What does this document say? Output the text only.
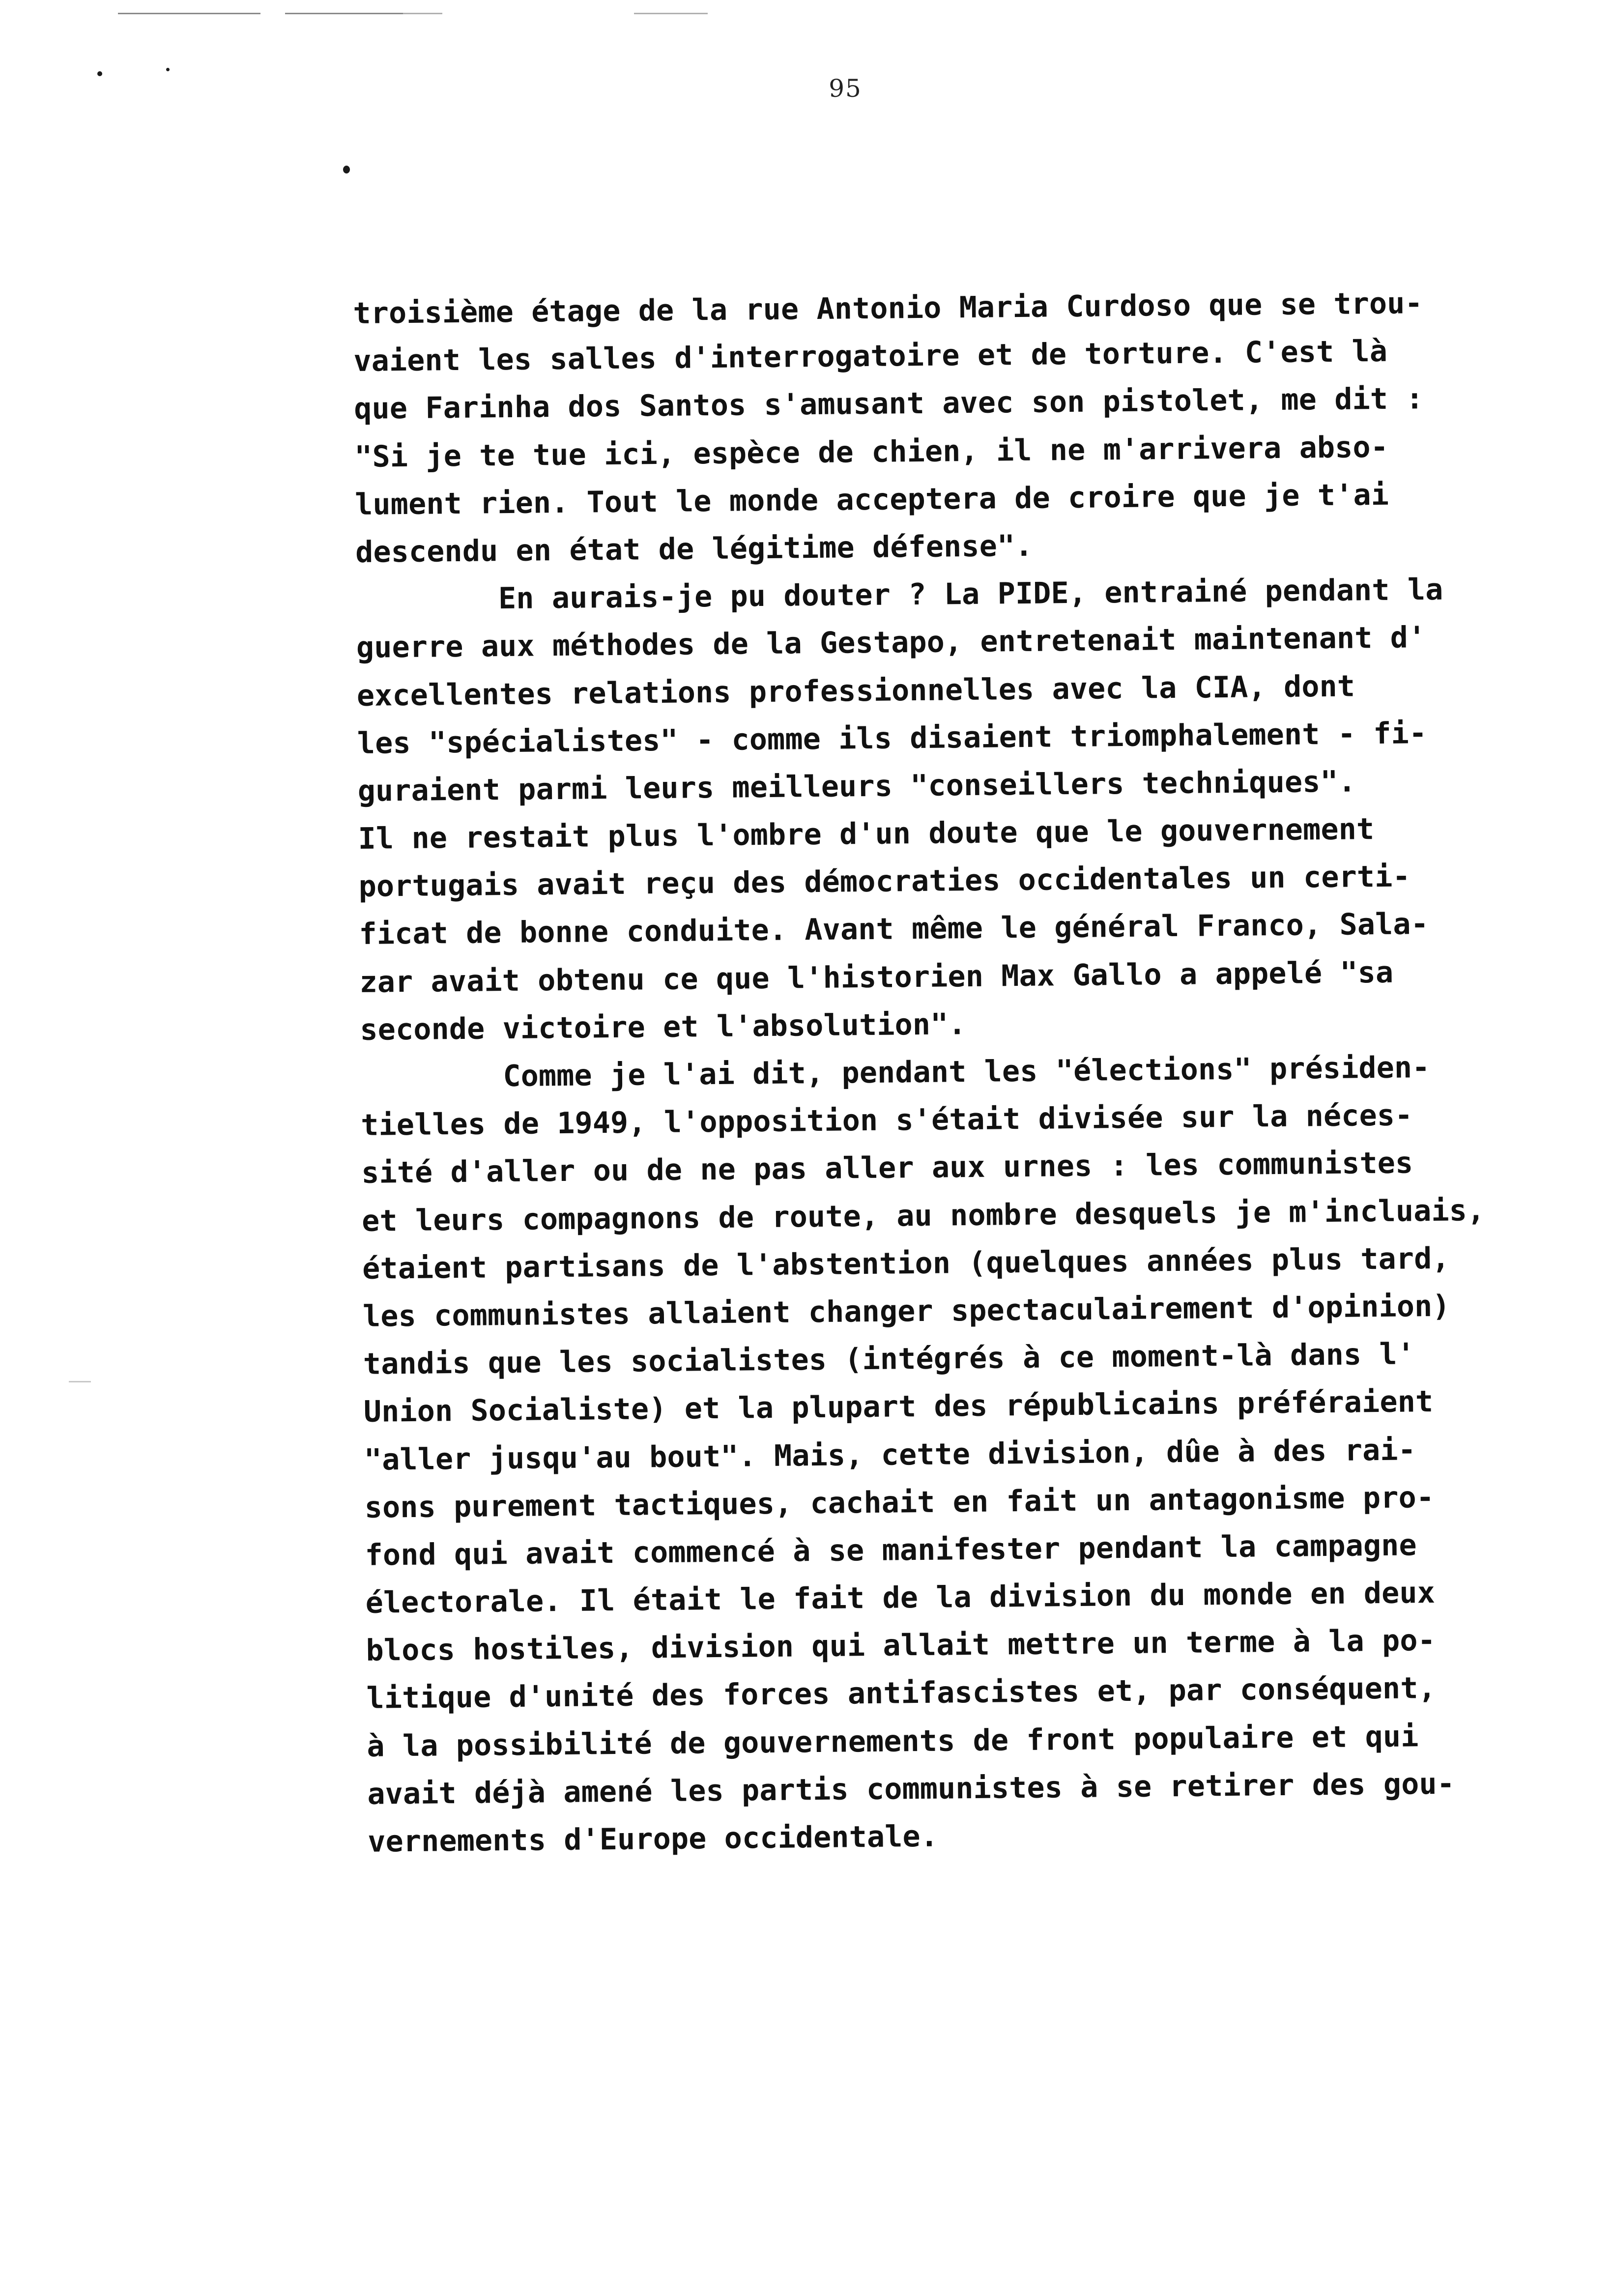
95
troisième étage de la rue Antonio Maria Curdoso que se trou-
vaient les salles d'interrogatoire et de torture. C'est là
que Farinha dos Santos s'amusant avec son pistolet, me dit :
"Si je te tue ici, espèce de chien, il ne m'arrivera abso-
lument rien. Tout le monde acceptera de croire que je t'ai
descendu en état de légitime défense".
En aurais-je pu douter ? La PIDE, entrainé pendant la
guerre aux méthodes de la Gestapo, entretenait maintenant d'
excellentes relations professionnelles avec la CIA, dont
les "spécialistes" - comme ils disaient triomphalement - fi-
guraient parmi leurs meilleurs "conseillers techniques".
Il ne restait plus l'ombre d'un doute que le gouvernement
portugais avait reçu des démocraties occidentales un certi-
ficat de bonne conduite. Avant même le général Franco, Sala-
zar avait obtenu ce que l'historien Max Gallo a appelé "sa
seconde victoire et l'absolution".
Comme je l'ai dit, pendant les "élections" présiden-
tielles de 1949, l'opposition s'était divisée sur la néces-
sité d'aller ou de ne pas aller aux urnes : les communistes
et leurs compagnons de route, au nombre desquels je m'incluais,
étaient partisans de l'abstention (quelques années plus tard,
les communistes allaient changer spectaculairement d'opinion)
tandis que les socialistes (intégrés à ce moment-là dans l'
Union Socialiste) et la plupart des républicains préféraient
"aller jusqu'au bout". Mais, cette division, dûe à des rai-
sons purement tactiques, cachait en fait un antagonisme pro-
fond qui avait commencé à se manifester pendant la campagne
électorale. Il était le fait de la division du monde en deux
blocs hostiles, division qui allait mettre un terme à la po-
litique d'unité des forces antifascistes et, par conséquent,
à la possibilité de gouvernements de front populaire et qui
avait déjà amené les partis communistes à se retirer des gou-
vernements d'Europe occidentale.
